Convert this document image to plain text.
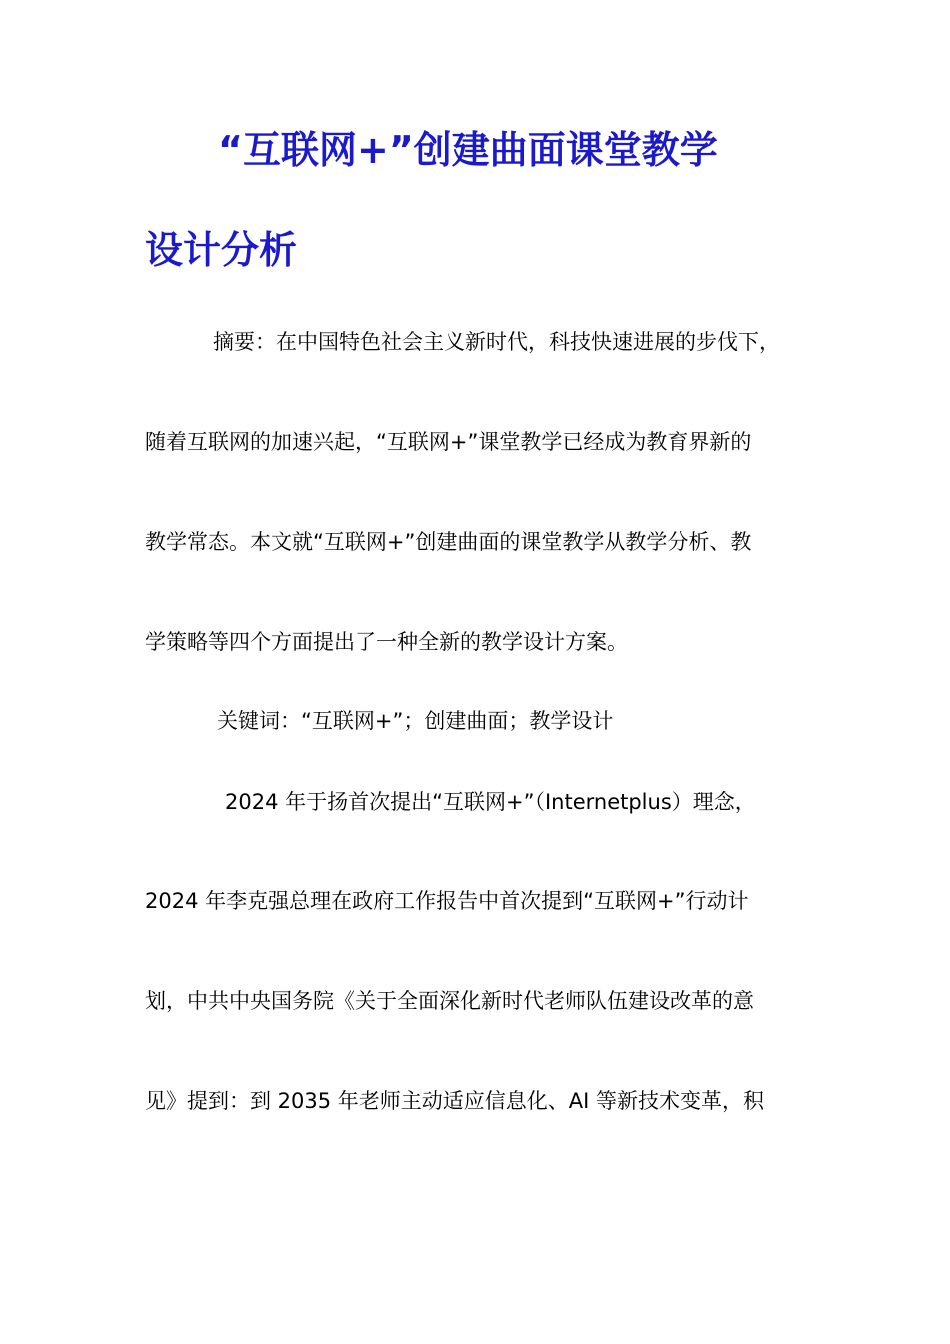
“互联网+”创建曲面课堂教学
设计分析
摘要：在中国特色社会主义新时代，科技快速进展的步伐下，
随着互联网的加速兴起，“互联网+”课堂教学已经成为教育界新的
教学常态。本文就“互联网+”创建曲面的课堂教学从教学分析、教
学策略等四个方面提出了一种全新的教学设计方案。
关键词：“互联网+”；创建曲面；教学设计
2024 年于扬首次提出“互联网+”（Internetplus）理念，
2024 年李克强总理在政府工作报告中首次提到“互联网+”行动计
划，中共中央国务院《关于全面深化新时代老师队伍建设改革的意
见》提到：到 2035 年老师主动适应信息化、AI 等新技术变革，积
